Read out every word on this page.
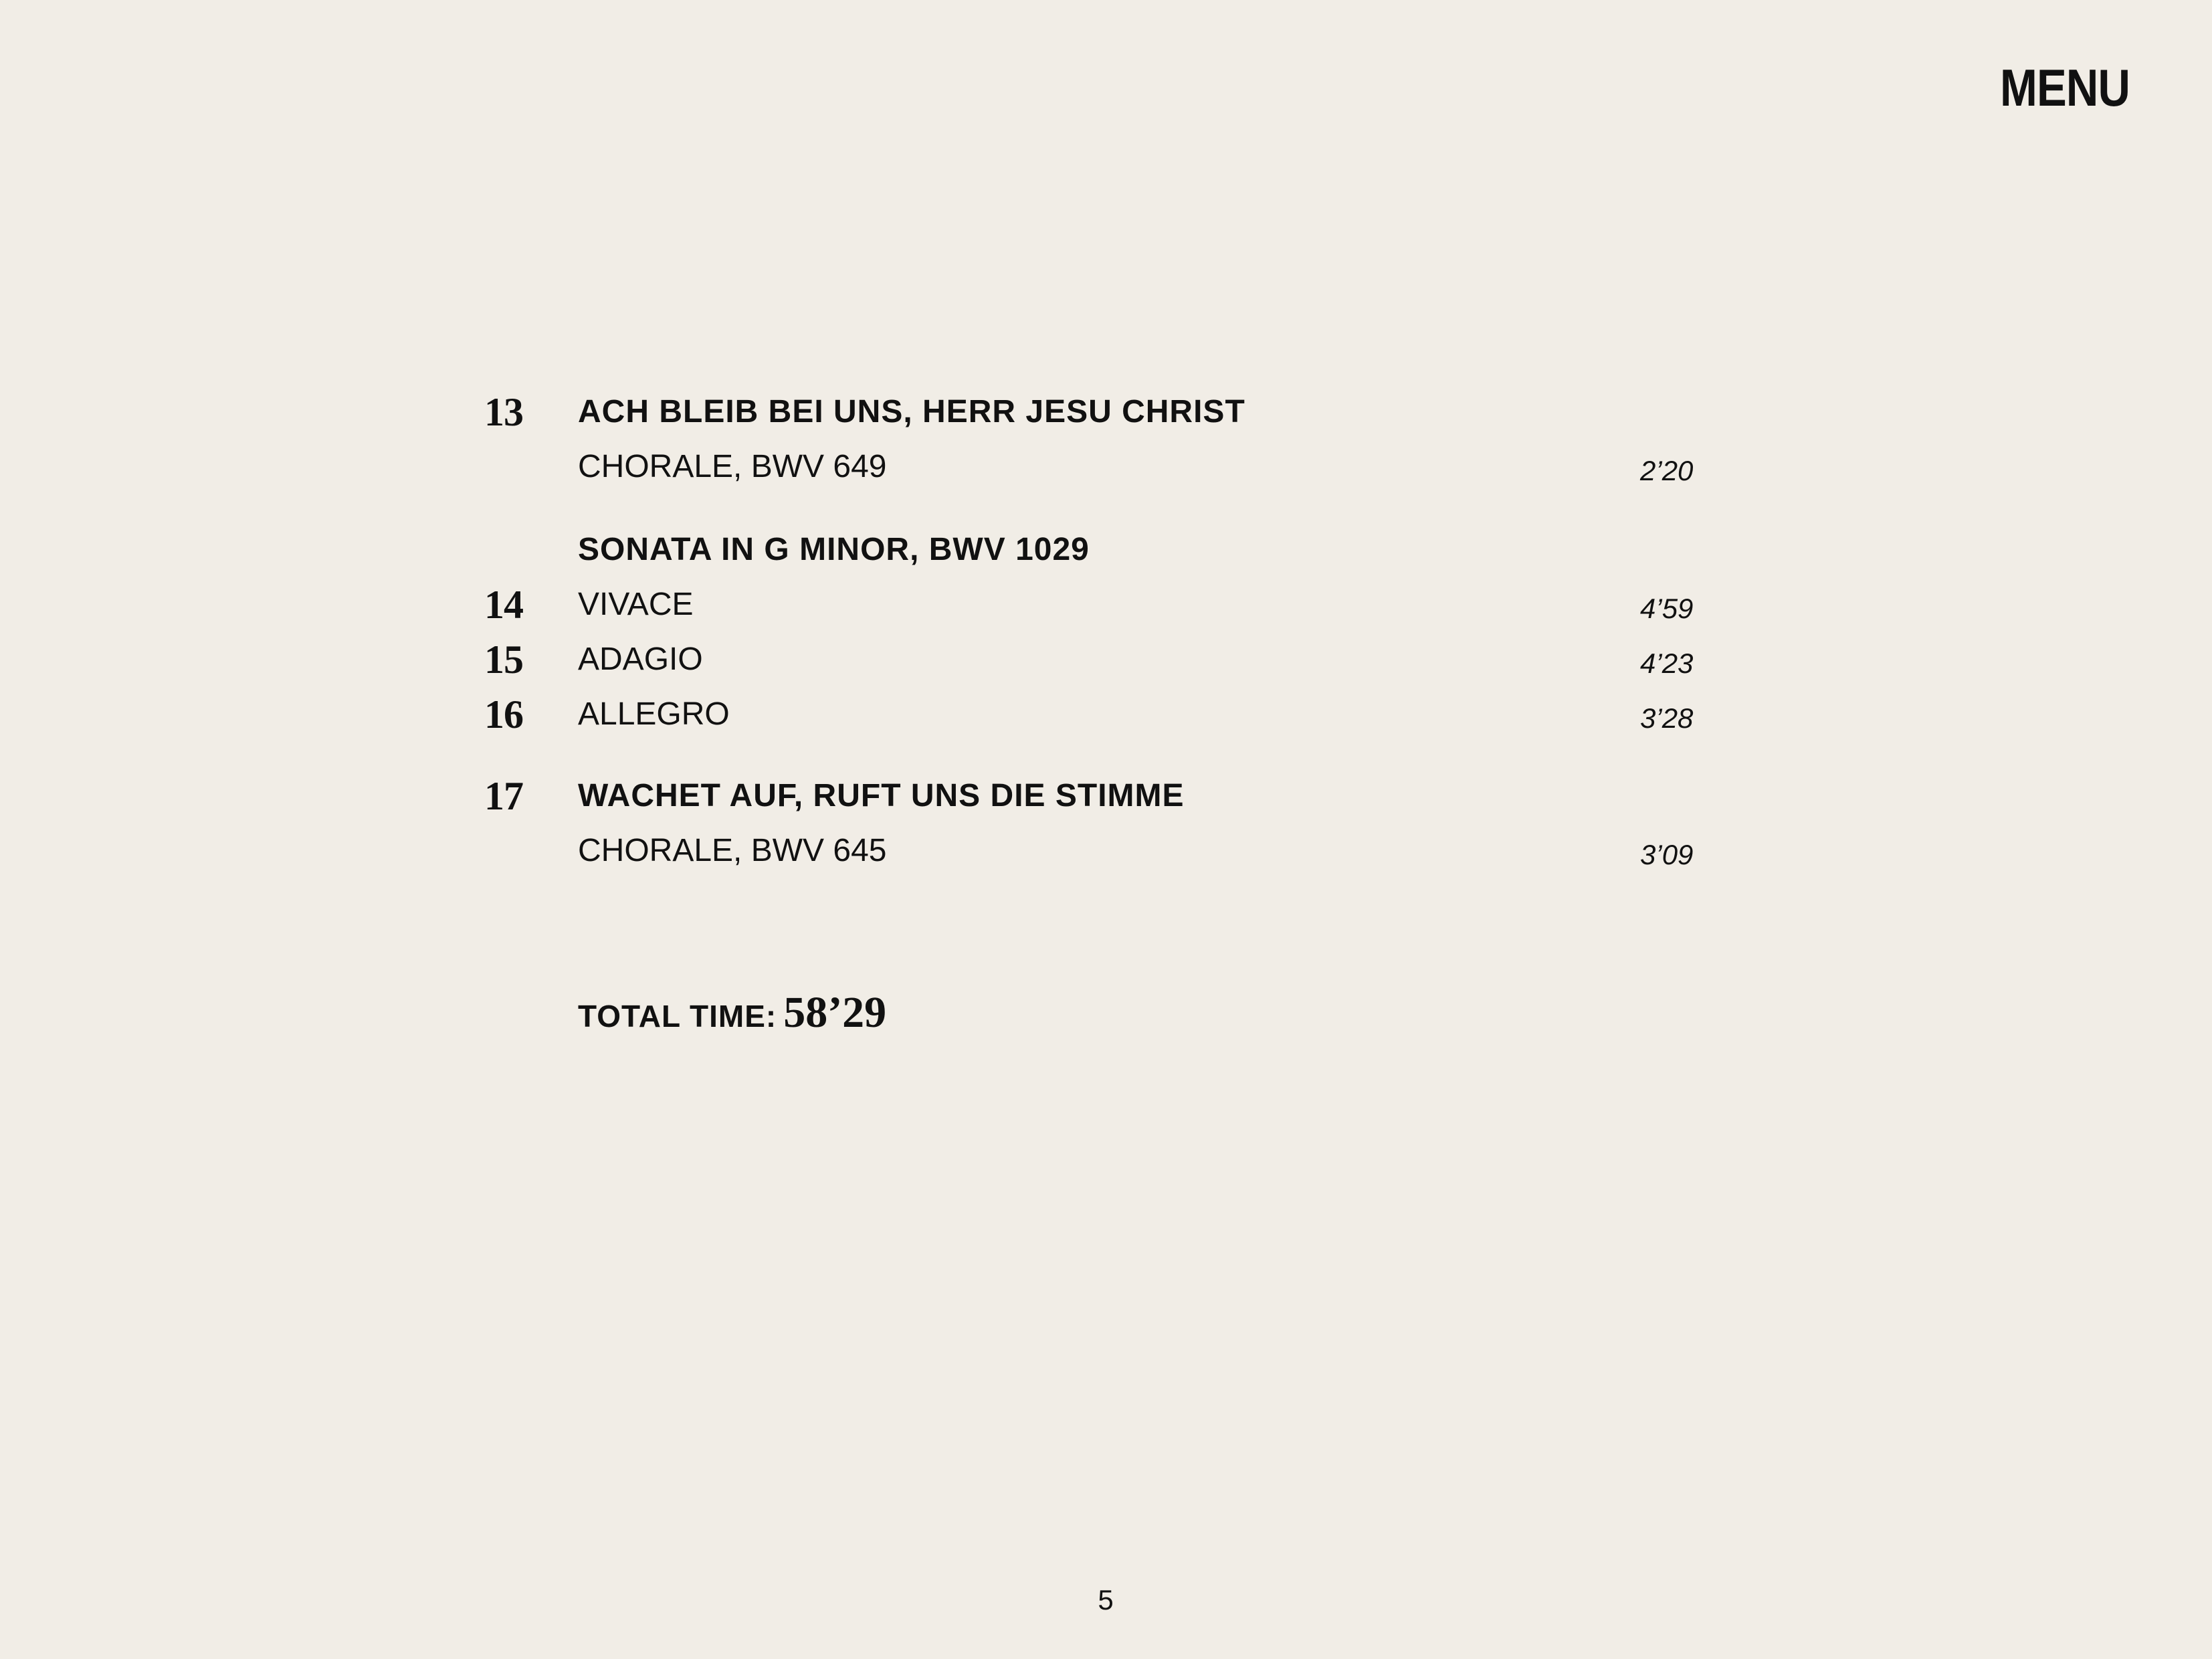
MENU
13 ACH BLEIB BEI UNS, HERR JESU CHRIST
CHORALE, BWV 649	2’20
SONATA IN G MINOR, BWV 1029
14 VIVACE	4’59
15 ADAGIO	4’23
16 ALLEGRO	3’28
17 WACHET AUF, RUFT UNS DIE STIMME
CHORALE, BWV 645	3’09
TOTAL TIME: 58’29
5
